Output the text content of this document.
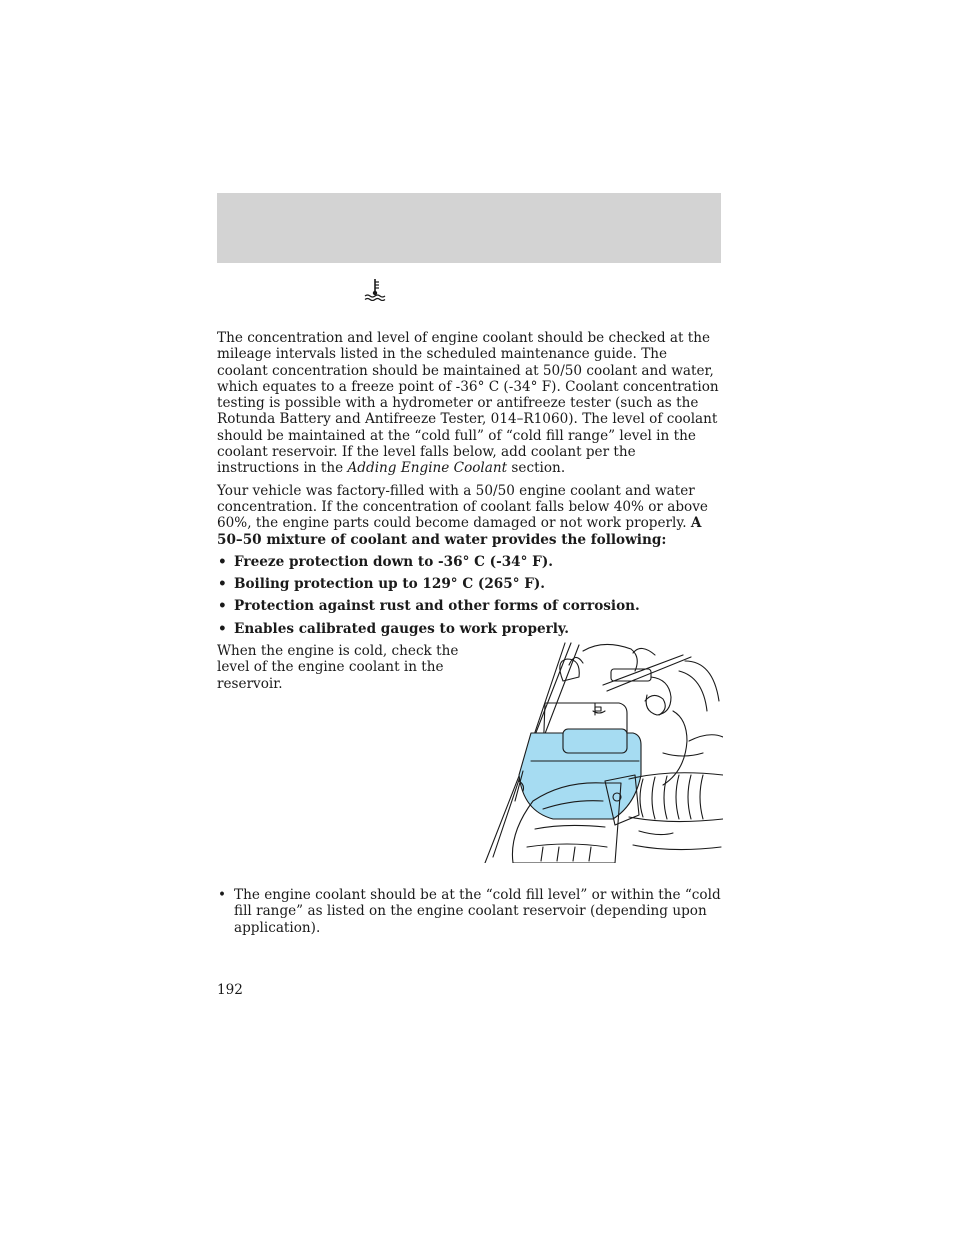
The concentration and level of engine coolant should be checked at the mileage intervals listed in the scheduled maintenance guide. The coolant concentration should be maintained at 50/50 coolant and water, which equates to a freeze point of -36° C (-34° F). Coolant concentration testing is possible with a hydrometer or antifreeze tester (such as the Rotunda Battery and Antifreeze Tester, 014–R1060). The level of coolant should be maintained at the “cold full” of “cold fill range” level in the coolant reservoir. If the level falls below, add coolant per the instructions in the Adding Engine Coolant section.

Your vehicle was factory-filled with a 50/50 engine coolant and water concentration. If the concentration of coolant falls below 40% or above 60%, the engine parts could become damaged or not work properly. A 50–50 mixture of coolant and water provides the following:

• Freeze protection down to -36° C (-34° F).
• Boiling protection up to 129° C (265° F).
• Protection against rust and other forms of corrosion.
• Enables calibrated gauges to work properly.

When the engine is cold, check the level of the engine coolant in the reservoir.

• The engine coolant should be at the “cold fill level” or within the “cold fill range” as listed on the engine coolant reservoir (depending upon application).
192
